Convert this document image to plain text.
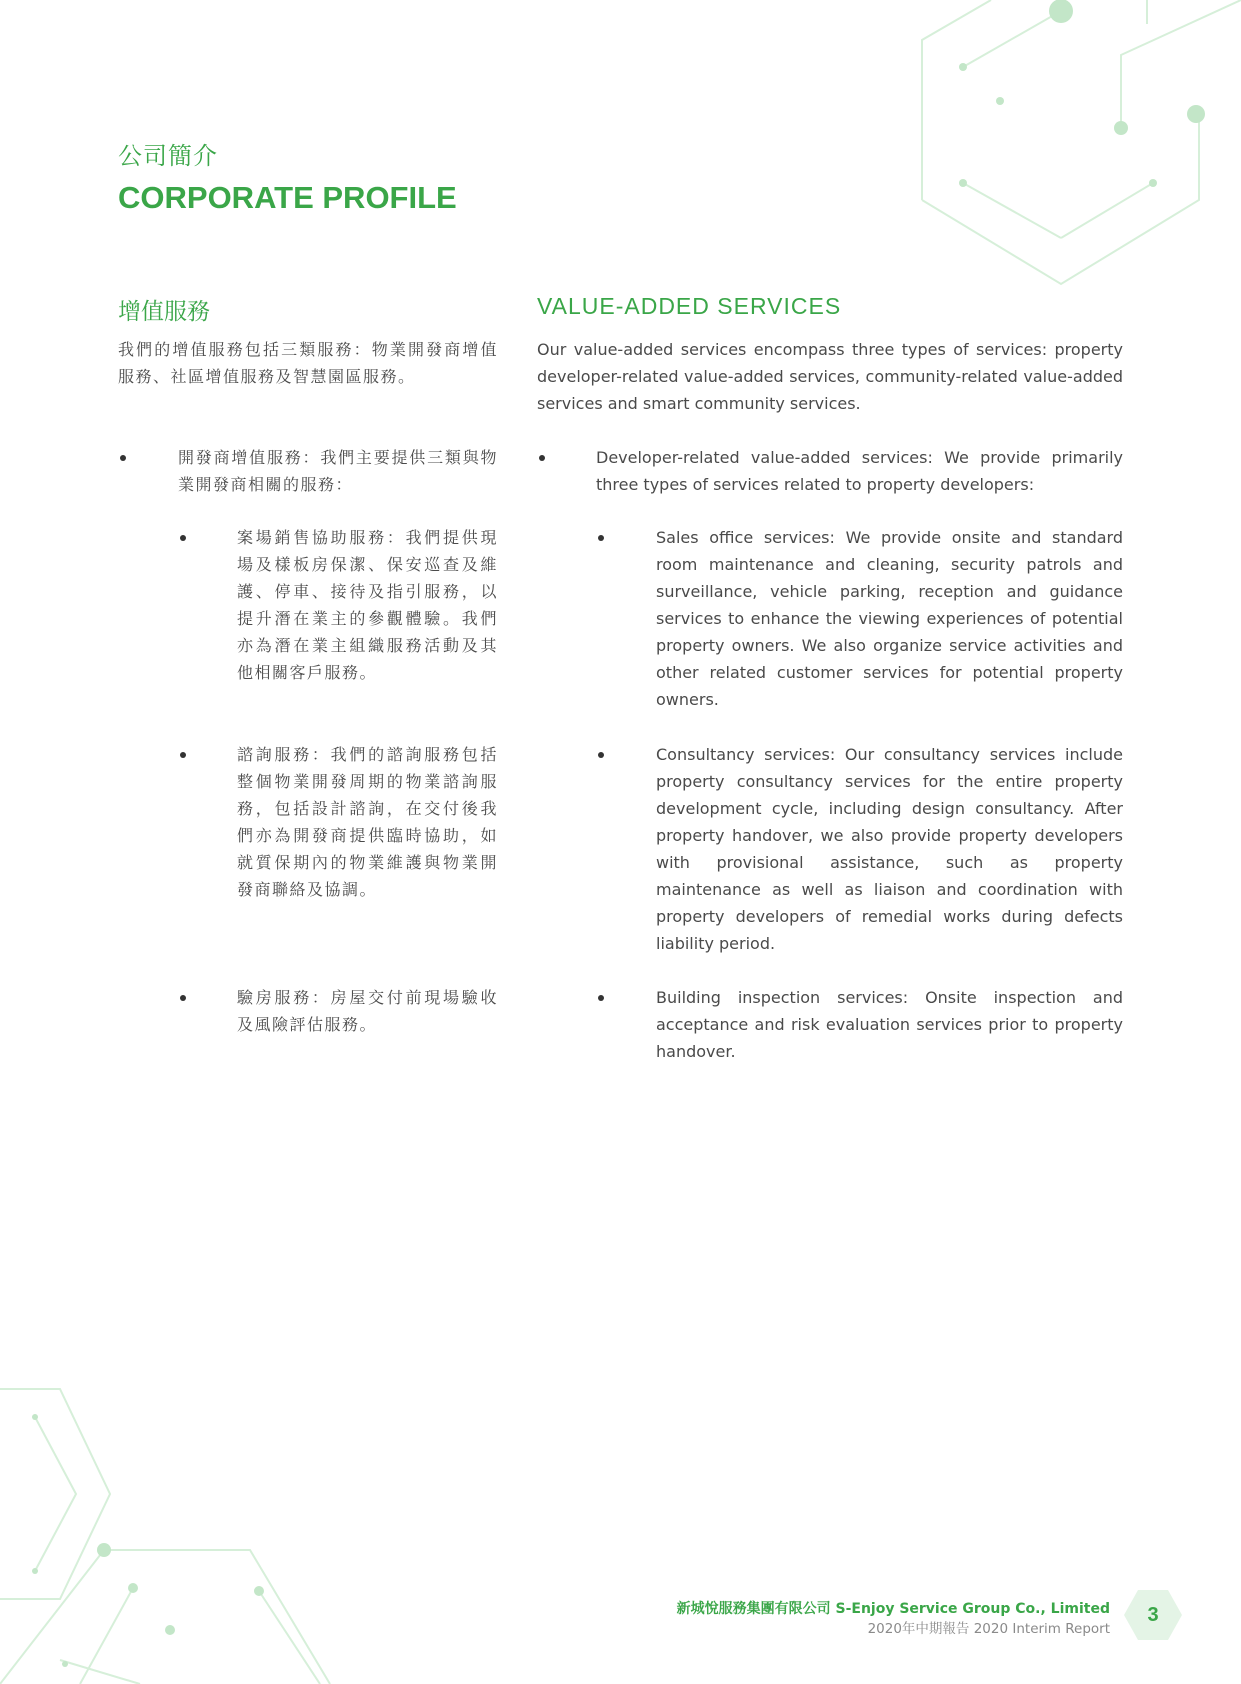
公司簡介
CORPORATE PROFILE
增值服務	VALUE-ADDED SERVICES

我們的增值服務包括三類服務：物業開發商增值服務、社區增值服務及智慧園區服務。

Our value-added services encompass three types of services: property developer-related value-added services, community-related value-added services and smart community services.

開發商增值服務：我們主要提供三類與物業開發商相關的服務：

Developer-related value-added services: We provide primarily three types of services related to property developers:

案場銷售協助服務：我們提供現場及樣板房保潔、保安巡查及維護、停車、接待及指引服務，以提升潛在業主的參觀體驗。我們亦為潛在業主組織服務活動及其他相關客戶服務。

Sales office services: We provide onsite and standard room maintenance and cleaning, security patrols and surveillance, vehicle parking, reception and guidance services to enhance the viewing experiences of potential property owners. We also organize service activities and other related customer services for potential property owners.

諮詢服務：我們的諮詢服務包括整個物業開發周期的物業諮詢服務，包括設計諮詢，在交付後我們亦為開發商提供臨時協助，如就質保期內的物業維護與物業開發商聯絡及協調。

Consultancy services: Our consultancy services include property consultancy services for the entire property development cycle, including design consultancy. After property handover, we also provide property developers with provisional assistance, such as property maintenance as well as liaison and coordination with property developers of remedial works during defects liability period.

驗房服務：房屋交付前現場驗收及風險評估服務。

Building inspection services: Onsite inspection and acceptance and risk evaluation services prior to property handover.

新城悅服務集團有限公司 S-Enjoy Service Group Co., Limited
2020年中期報告 2020 Interim Report
3
